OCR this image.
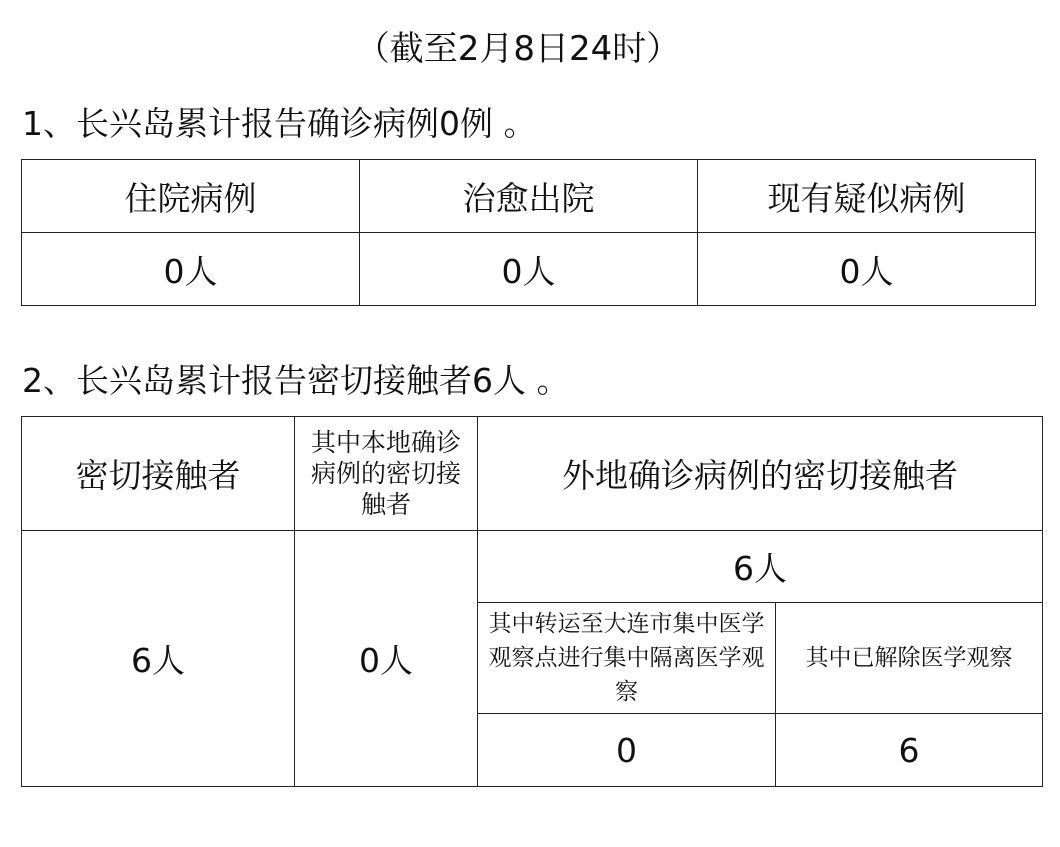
（截至2月8日24时）
1、长兴岛累计报告确诊病例0例 。
住院病例	治愈出院	现有疑似病例
0人	0人	0人
2、长兴岛累计报告密切接触者6人 。
密切接触者	其中本地确诊病例的密切接触者	外地确诊病例的密切接触者	
6人	0人	6人	
		其中转运至大连市集中医学观察点进行集中隔离医学观察	其中已解除医学观察
		0	6
